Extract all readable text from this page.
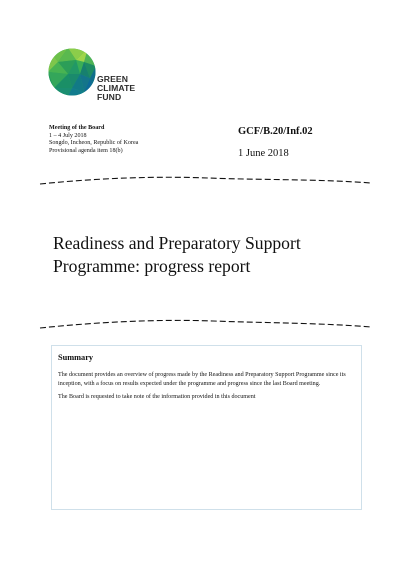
GREEN
CLIMATE
FUND
Meeting of the Board
1 – 4 July 2018
Songdo, Incheon, Republic of Korea
Provisional agenda item 18(b)
GCF/B.20/Inf.02
1 June 2018
Readiness and Preparatory Support Programme: progress report
Summary

The document provides an overview of progress made by the Readiness and Preparatory Support Programme since its inception, with a focus on results expected under the programme and progress since the last Board meeting.

The Board is requested to take note of the information provided in this document
